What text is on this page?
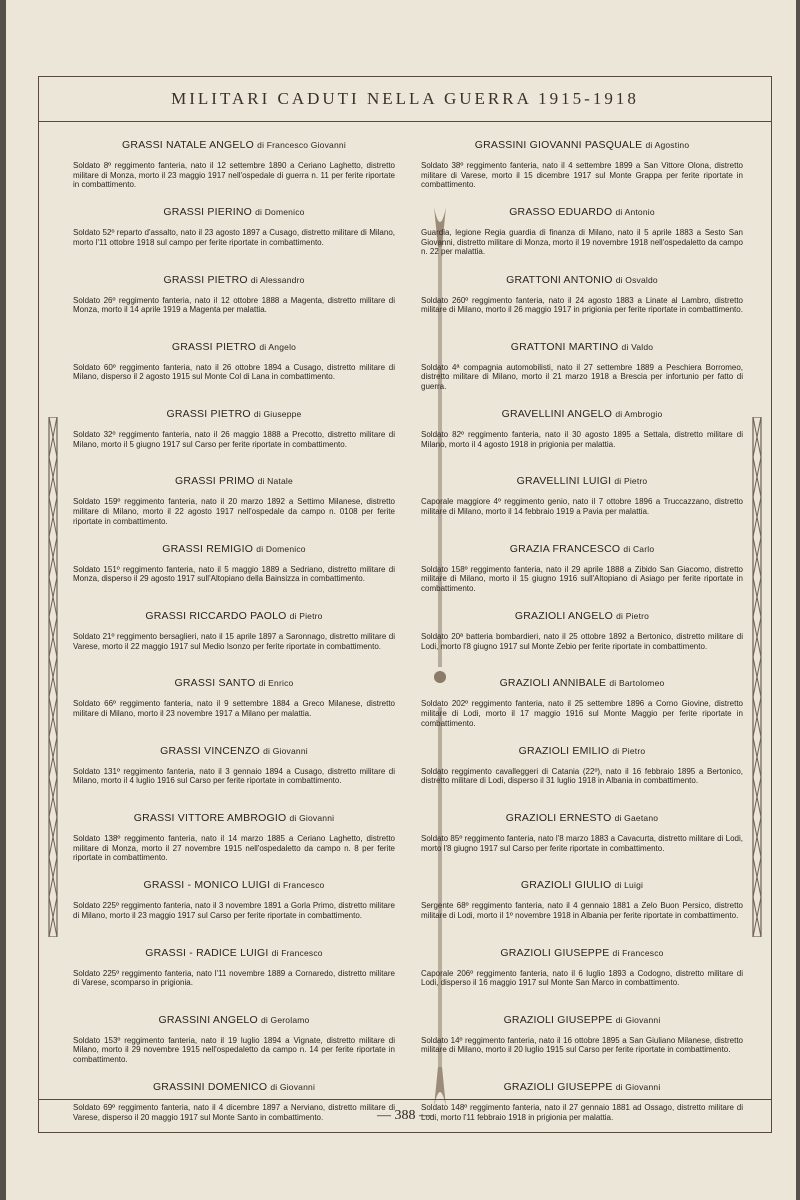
MILITARI CADUTI NELLA GUERRA 1915-1918
GRASSI NATALE ANGELO di Francesco Giovanni

Soldato 8º reggimento fanteria, nato il 12 settembre 1890 a Ceriano Laghetto, distretto militare di Monza, morto il 23 maggio 1917 nell'ospedale di guerra n. 11 per ferite riportate in combattimento.

GRASSI PIERINO di Domenico

Soldato 52º reparto d'assalto, nato il 23 agosto 1897 a Cusago, distretto militare di Milano, morto l'11 ottobre 1918 sul campo per ferite riportate in combattimento.

GRASSI PIETRO di Alessandro

Soldato 26º reggimento fanteria, nato il 12 ottobre 1888 a Magenta, distretto militare di Monza, morto il 14 aprile 1919 a Magenta per malattia.

GRASSI PIETRO di Angelo

Soldato 60º reggimento fanteria, nato il 26 ottobre 1894 a Cusago, distretto militare di Milano, disperso il 2 agosto 1915 sul Monte Col di Lana in combattimento.

GRASSI PIETRO di Giuseppe

Soldato 32º reggimento fanteria, nato il 26 maggio 1888 a Precotto, distretto militare di Milano, morto il 5 giugno 1917 sul Carso per ferite riportate in combattimento.

GRASSI PRIMO di Natale

Soldato 159º reggimento fanteria, nato il 20 marzo 1892 a Settimo Milanese, distretto militare di Milano, morto il 22 agosto 1917 nell'ospedale da campo n. 0108 per ferite riportate in combattimento.

GRASSI REMIGIO di Domenico

Soldato 151º reggimento fanteria, nato il 5 maggio 1889 a Sedriano, distretto militare di Monza, disperso il 29 agosto 1917 sull'Altopiano della Bainsizza in combattimento.

GRASSI RICCARDO PAOLO di Pietro

Soldato 21º reggimento bersaglieri, nato il 15 aprile 1897 a Saronnago, distretto militare di Varese, morto il 22 maggio 1917 sul Medio Isonzo per ferite riportate in combattimento.

GRASSI SANTO di Enrico

Soldato 66º reggimento fanteria, nato il 9 settembre 1884 a Greco Milanese, distretto militare di Milano, morto il 23 novembre 1917 a Milano per malattia.

GRASSI VINCENZO di Giovanni

Soldato 131º reggimento fanteria, nato il 3 gennaio 1894 a Cusago, distretto militare di Milano, morto il 4 luglio 1916 sul Carso per ferite riportate in combattimento.

GRASSI VITTORE AMBROGIO di Giovanni

Soldato 138º reggimento fanteria, nato il 14 marzo 1885 a Ceriano Laghetto, distretto militare di Monza, morto il 27 novembre 1915 nell'ospedaletto da campo n. 8 per ferite riportate in combattimento.

GRASSI - MONICO LUIGI di Francesco

Soldato 225º reggimento fanteria, nato il 3 novembre 1891 a Gorla Primo, distretto militare di Milano, morto il 23 maggio 1917 sul Carso per ferite riportate in combattimento.

GRASSI - RADICE LUIGI di Francesco

Soldato 225º reggimento fanteria, nato l'11 novembre 1889 a Cornaredo, distretto militare di Varese, scomparso in prigionia.

GRASSINI ANGELO di Gerolamo

Soldato 153º reggimento fanteria, nato il 19 luglio 1894 a Vignate, distretto militare di Milano, morto il 29 novembre 1915 nell'ospedaletto da campo n. 14 per ferite riportate in combattimento.

GRASSINI DOMENICO di Giovanni

Soldato 69º reggimento fanteria, nato il 4 dicembre 1897 a Nerviano, distretto militare di Varese, disperso il 20 maggio 1917 sul Monte Santo in combattimento.

GRASSINI GIOVANNI PASQUALE di Agostino

Soldato 38º reggimento fanteria, nato il 4 settembre 1899 a San Vittore Olona, distretto militare di Varese, morto il 15 dicembre 1917 sul Monte Grappa per ferite riportate in combattimento.

GRASSO EDUARDO di Antonio

Guardia, legione Regia guardia di finanza di Milano, nato il 5 aprile 1883 a Sesto San Giovanni, distretto militare di Monza, morto il 19 novembre 1918 nell'ospedaletto da campo n. 22 per malattia.

GRATTONI ANTONIO di Osvaldo

Soldato 260º reggimento fanteria, nato il 24 agosto 1883 a Linate al Lambro, distretto militare di Milano, morto il 26 maggio 1917 in prigionia per ferite riportate in combattimento.

GRATTONI MARTINO di Valdo

Soldato 4ª compagnia automobilisti, nato il 27 settembre 1889 a Peschiera Borromeo, distretto militare di Milano, morto il 21 marzo 1918 a Brescia per infortunio per fatto di guerra.

GRAVELLINI ANGELO di Ambrogio

Soldato 82º reggimento fanteria, nato il 30 agosto 1895 a Settala, distretto militare di Milano, morto il 4 agosto 1918 in prigionia per malattia.

GRAVELLINI LUIGI di Pietro

Caporale maggiore 4º reggimento genio, nato il 7 ottobre 1896 a Truccazzano, distretto militare di Milano, morto il 14 febbraio 1919 a Pavia per malattia.

GRAZIA FRANCESCO di Carlo

Soldato 158º reggimento fanteria, nato il 29 aprile 1888 a Zibido San Giacomo, distretto militare di Milano, morto il 15 giugno 1916 sull'Altopiano di Asiago per ferite riportate in combattimento.

GRAZIOLI ANGELO di Pietro

Soldato 20ª batteria bombardieri, nato il 25 ottobre 1892 a Bertonico, distretto militare di Lodi, morto l'8 giugno 1917 sul Monte Zebio per ferite riportate in combattimento.

GRAZIOLI ANNIBALE di Bartolomeo

Soldato 202º reggimento fanteria, nato il 25 settembre 1896 a Corno Giovine, distretto militare di Lodi, morto il 17 maggio 1916 sul Monte Maggio per ferite riportate in combattimento.

GRAZIOLI EMILIO di Pietro

Soldato reggimento cavalleggeri di Catania (22º), nato il 16 febbraio 1895 a Bertonico, distretto militare di Lodi, disperso il 31 luglio 1918 in Albania in combattimento.

GRAZIOLI ERNESTO di Gaetano

Soldato 85º reggimento fanteria, nato l'8 marzo 1883 a Cavacurta, distretto militare di Lodi, morto l'8 giugno 1917 sul Carso per ferite riportate in combattimento.

GRAZIOLI GIULIO di Luigi

Sergente 68º reggimento fanteria, nato il 4 gennaio 1881 a Zelo Buon Persico, distretto militare di Lodi, morto il 1º novembre 1918 in Albania per ferite riportate in combattimento.

GRAZIOLI GIUSEPPE di Francesco

Caporale 206º reggimento fanteria, nato il 6 luglio 1893 a Codogno, distretto militare di Lodi, disperso il 16 maggio 1917 sul Monte San Marco in combattimento.

GRAZIOLI GIUSEPPE di Giovanni

Soldato 14º reggimento fanteria, nato il 16 ottobre 1895 a San Giuliano Milanese, distretto militare di Milano, morto il 20 luglio 1915 sul Carso per ferite riportate in combattimento.

GRAZIOLI GIUSEPPE di Giovanni

Soldato 148º reggimento fanteria, nato il 27 gennaio 1881 ad Ossago, distretto militare di Lodi, morto l'11 febbraio 1918 in prigionia per malattia.

— 388 —
